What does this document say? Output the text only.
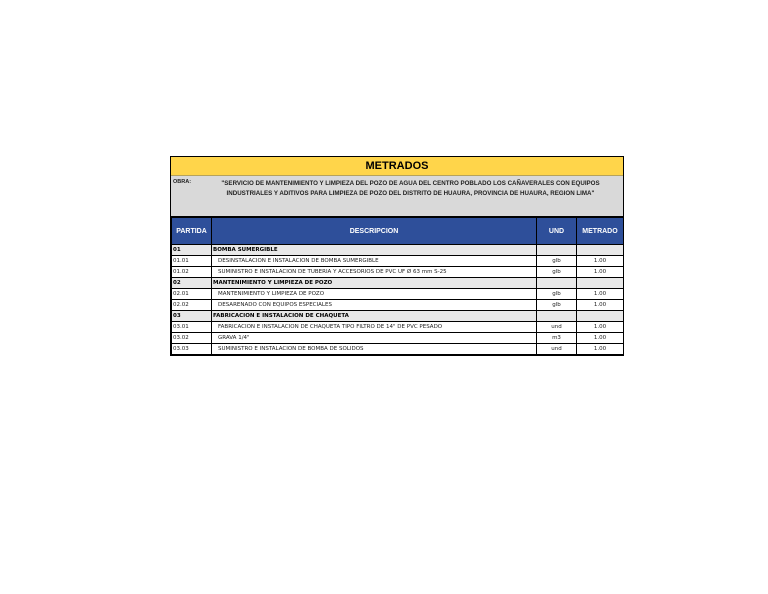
METRADOS
OBRA:	"SERVICIO DE MANTENIMIENTO Y LIMPIEZA DEL POZO DE AGUA DEL CENTRO POBLADO LOS CAÑAVERALES CON EQUIPOS INDUSTRIALES Y ADITIVOS PARA LIMPIEZA DE POZO DEL DISTRITO DE HUAURA, PROVINCIA DE HUAURA, REGION LIMA"
PARTIDA	DESCRIPCION	UND	METRADO
01	BOMBA SUMERGIBLE		
01.01	DESINSTALACION E INSTALACION DE BOMBA SUMERGIBLE	glb	1.00
01.02	SUMINISTRO E INSTALACION DE TUBERIA Y ACCESORIOS DE PVC UF Ø 63 mm S-25	glb	1.00
02	MANTENIMIENTO Y LIMPIEZA DE POZO		
02.01	MANTENIMIENTO Y LIMPIEZA DE POZO	glb	1.00
02.02	DESARENADO CON EQUIPOS ESPECIALES	glb	1.00
03	FABRICACION E INSTALACION DE CHAQUETA		
03.01	FABRICACION E INSTALACION DE CHAQUETA TIPO FILTRO DE 14" DE PVC PESADO	und	1.00
03.02	GRAVA 1/4"	m3	1.00
03.03	SUMINISTRO E INSTALACION DE BOMBA DE SOLIDOS	und	1.00
